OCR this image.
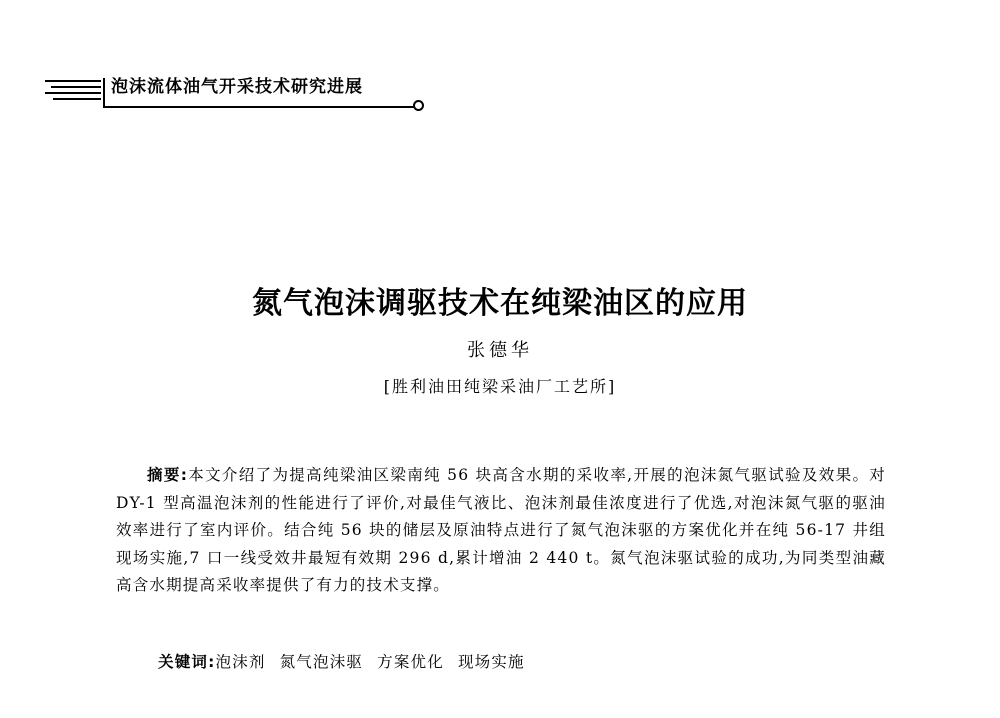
泡沫流体油气开采技术研究进展
氮气泡沫调驱技术在纯梁油区的应用
张德华
[胜利油田纯梁采油厂工艺所]
摘要:本文介绍了为提高纯梁油区梁南纯 56 块高含水期的采收率,开展的泡沫氮气驱试验及效果。对 DY-1 型高温泡沫剂的性能进行了评价,对最佳气液比、泡沫剂最佳浓度进行了优选,对泡沫氮气驱的驱油效率进行了室内评价。结合纯 56 块的储层及原油特点进行了氮气泡沫驱的方案优化并在纯 56-17 井组现场实施,7 口一线受效井最短有效期 296 d,累计增油 2 440 t。氮气泡沫驱试验的成功,为同类型油藏高含水期提高采收率提供了有力的技术支撑。
关键词:泡沫剂 氮气泡沫驱 方案优化 现场实施
